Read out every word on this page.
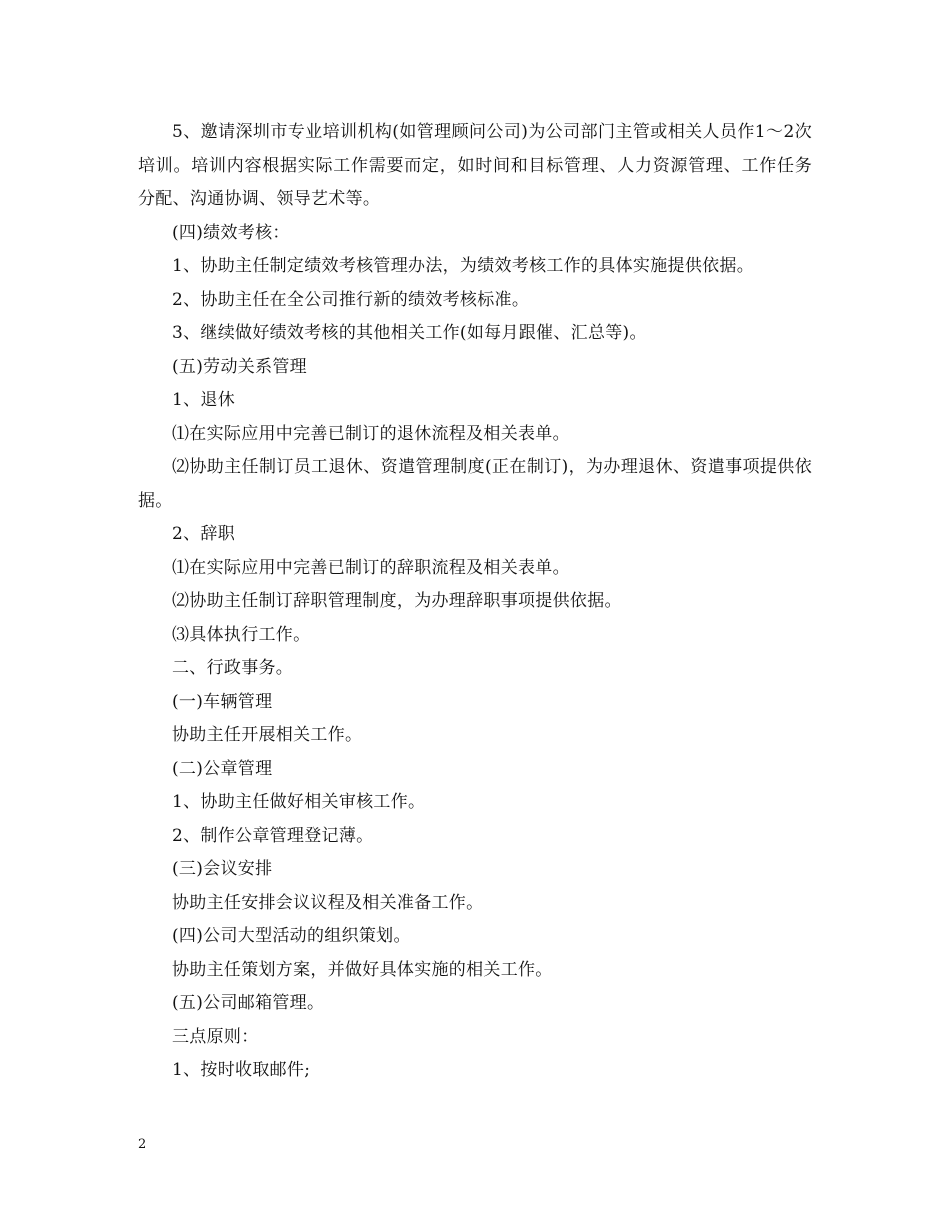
5、邀请深圳市专业培训机构(如管理顾问公司)为公司部门主管或相关人员作1～2次培训。培训内容根据实际工作需要而定，如时间和目标管理、人力资源管理、工作任务分配、沟通协调、领导艺术等。

(四)绩效考核：

1、协助主任制定绩效考核管理办法，为绩效考核工作的具体实施提供依据。

2、协助主任在全公司推行新的绩效考核标准。

3、继续做好绩效考核的其他相关工作(如每月跟催、汇总等)。

(五)劳动关系管理

1、退休

⑴在实际应用中完善已制订的退休流程及相关表单。

⑵协助主任制订员工退休、资遣管理制度(正在制订)，为办理退休、资遣事项提供依据。

2、辞职

⑴在实际应用中完善已制订的辞职流程及相关表单。

⑵协助主任制订辞职管理制度，为办理辞职事项提供依据。

⑶具体执行工作。

二、行政事务。

(一)车辆管理

协助主任开展相关工作。

(二)公章管理

1、协助主任做好相关审核工作。

2、制作公章管理登记薄。

(三)会议安排

协助主任安排会议议程及相关准备工作。

(四)公司大型活动的组织策划。

协助主任策划方案，并做好具体实施的相关工作。

(五)公司邮箱管理。

三点原则：

1、按时收取邮件;

2
